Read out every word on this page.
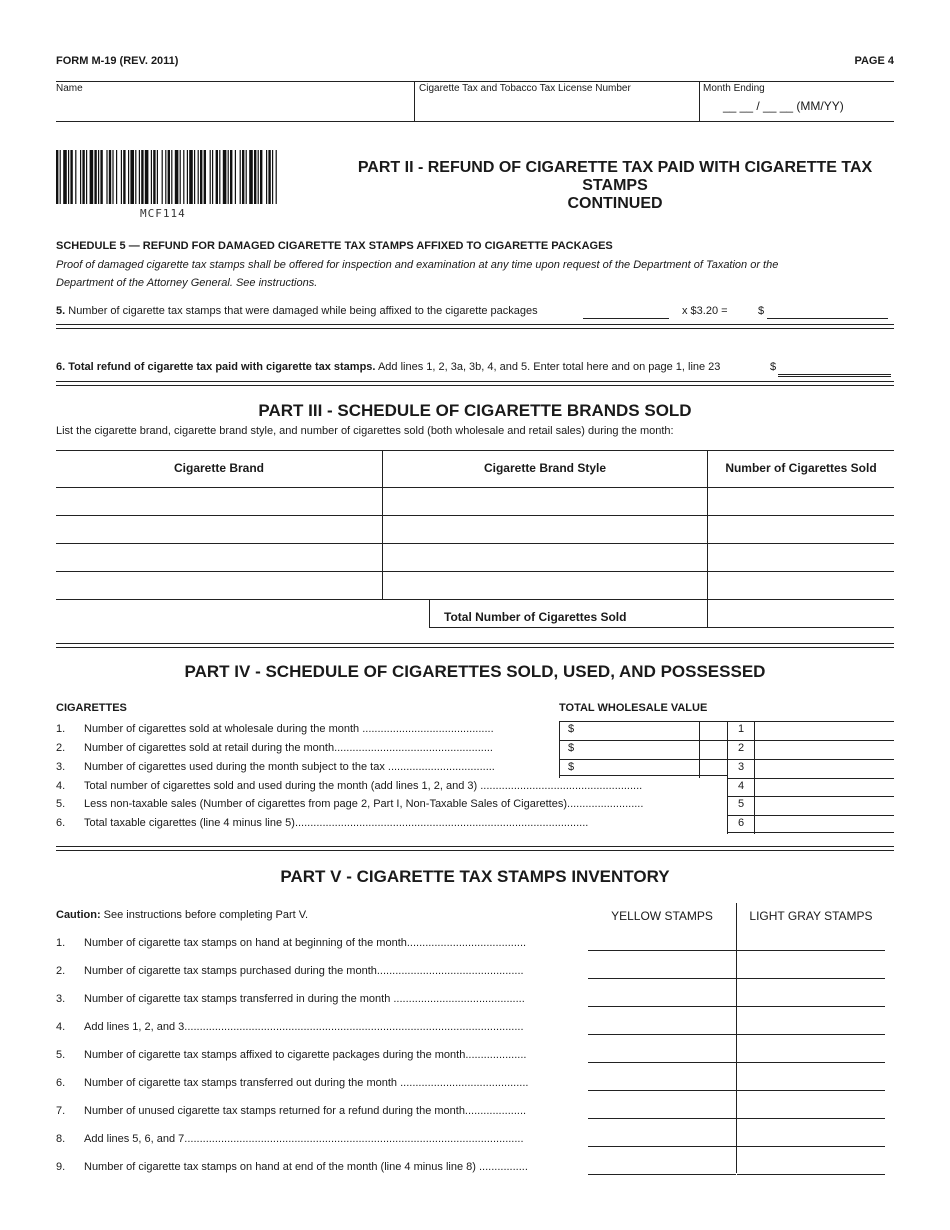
FORM M-19 (REV. 2011)	PAGE 4
Name	Cigarette Tax and Tobacco Tax License Number	Month Ending
__ __ / __ __ (MM/YY)
MCF114
PART II - REFUND OF CIGARETTE TAX PAID WITH CIGARETTE TAX STAMPS
CONTINUED
SCHEDULE 5 — REFUND FOR DAMAGED CIGARETTE TAX STAMPS AFFIXED TO CIGARETTE PACKAGES
Proof of damaged cigarette tax stamps shall be offered for inspection and examination at any time upon request of the Department of Taxation or the
Department of the Attorney General. See instructions.
5. Number of cigarette tax stamps that were damaged while being affixed to the cigarette packages	x $3.20 =	$
6. Total refund of cigarette tax paid with cigarette tax stamps. Add lines 1, 2, 3a, 3b, 4, and 5. Enter total here and on page 1, line 23	$
PART III - SCHEDULE OF CIGARETTE BRANDS SOLD
List the cigarette brand, cigarette brand style, and number of cigarettes sold (both wholesale and retail sales) during the month:
Cigarette Brand	Cigarette Brand Style	Number of Cigarettes Sold
Total Number of Cigarettes Sold
PART IV - SCHEDULE OF CIGARETTES SOLD, USED, AND POSSESSED
CIGARETTES	TOTAL WHOLESALE VALUE
1. Number of cigarettes sold at wholesale during the month ...........................................	$	1
2. Number of cigarettes sold at retail during the month....................................................	$	2
3. Number of cigarettes used during the month subject to the tax ...................................	$	3
4. Total number of cigarettes sold and used during the month (add lines 1, 2, and 3) .....................................................	4
5. Less non-taxable sales (Number of cigarettes from page 2, Part I, Non-Taxable Sales of Cigarettes).........................	5
6. Total taxable cigarettes (line 4 minus line 5)................................................................................................	6
PART V - CIGARETTE TAX STAMPS INVENTORY
Caution: See instructions before completing Part V.	YELLOW STAMPS	LIGHT GRAY STAMPS
1. Number of cigarette tax stamps on hand at beginning of the month.......................................
2. Number of cigarette tax stamps purchased during the month................................................
3. Number of cigarette tax stamps transferred in during the month ...........................................
4. Add lines 1, 2, and 3...............................................................................................................
5. Number of cigarette tax stamps affixed to cigarette packages during the month....................
6. Number of cigarette tax stamps transferred out during the month ..........................................
7. Number of unused cigarette tax stamps returned for a refund during the month....................
8. Add lines 5, 6, and 7...............................................................................................................
9. Number of cigarette tax stamps on hand at end of the month (line 4 minus line 8) ................
